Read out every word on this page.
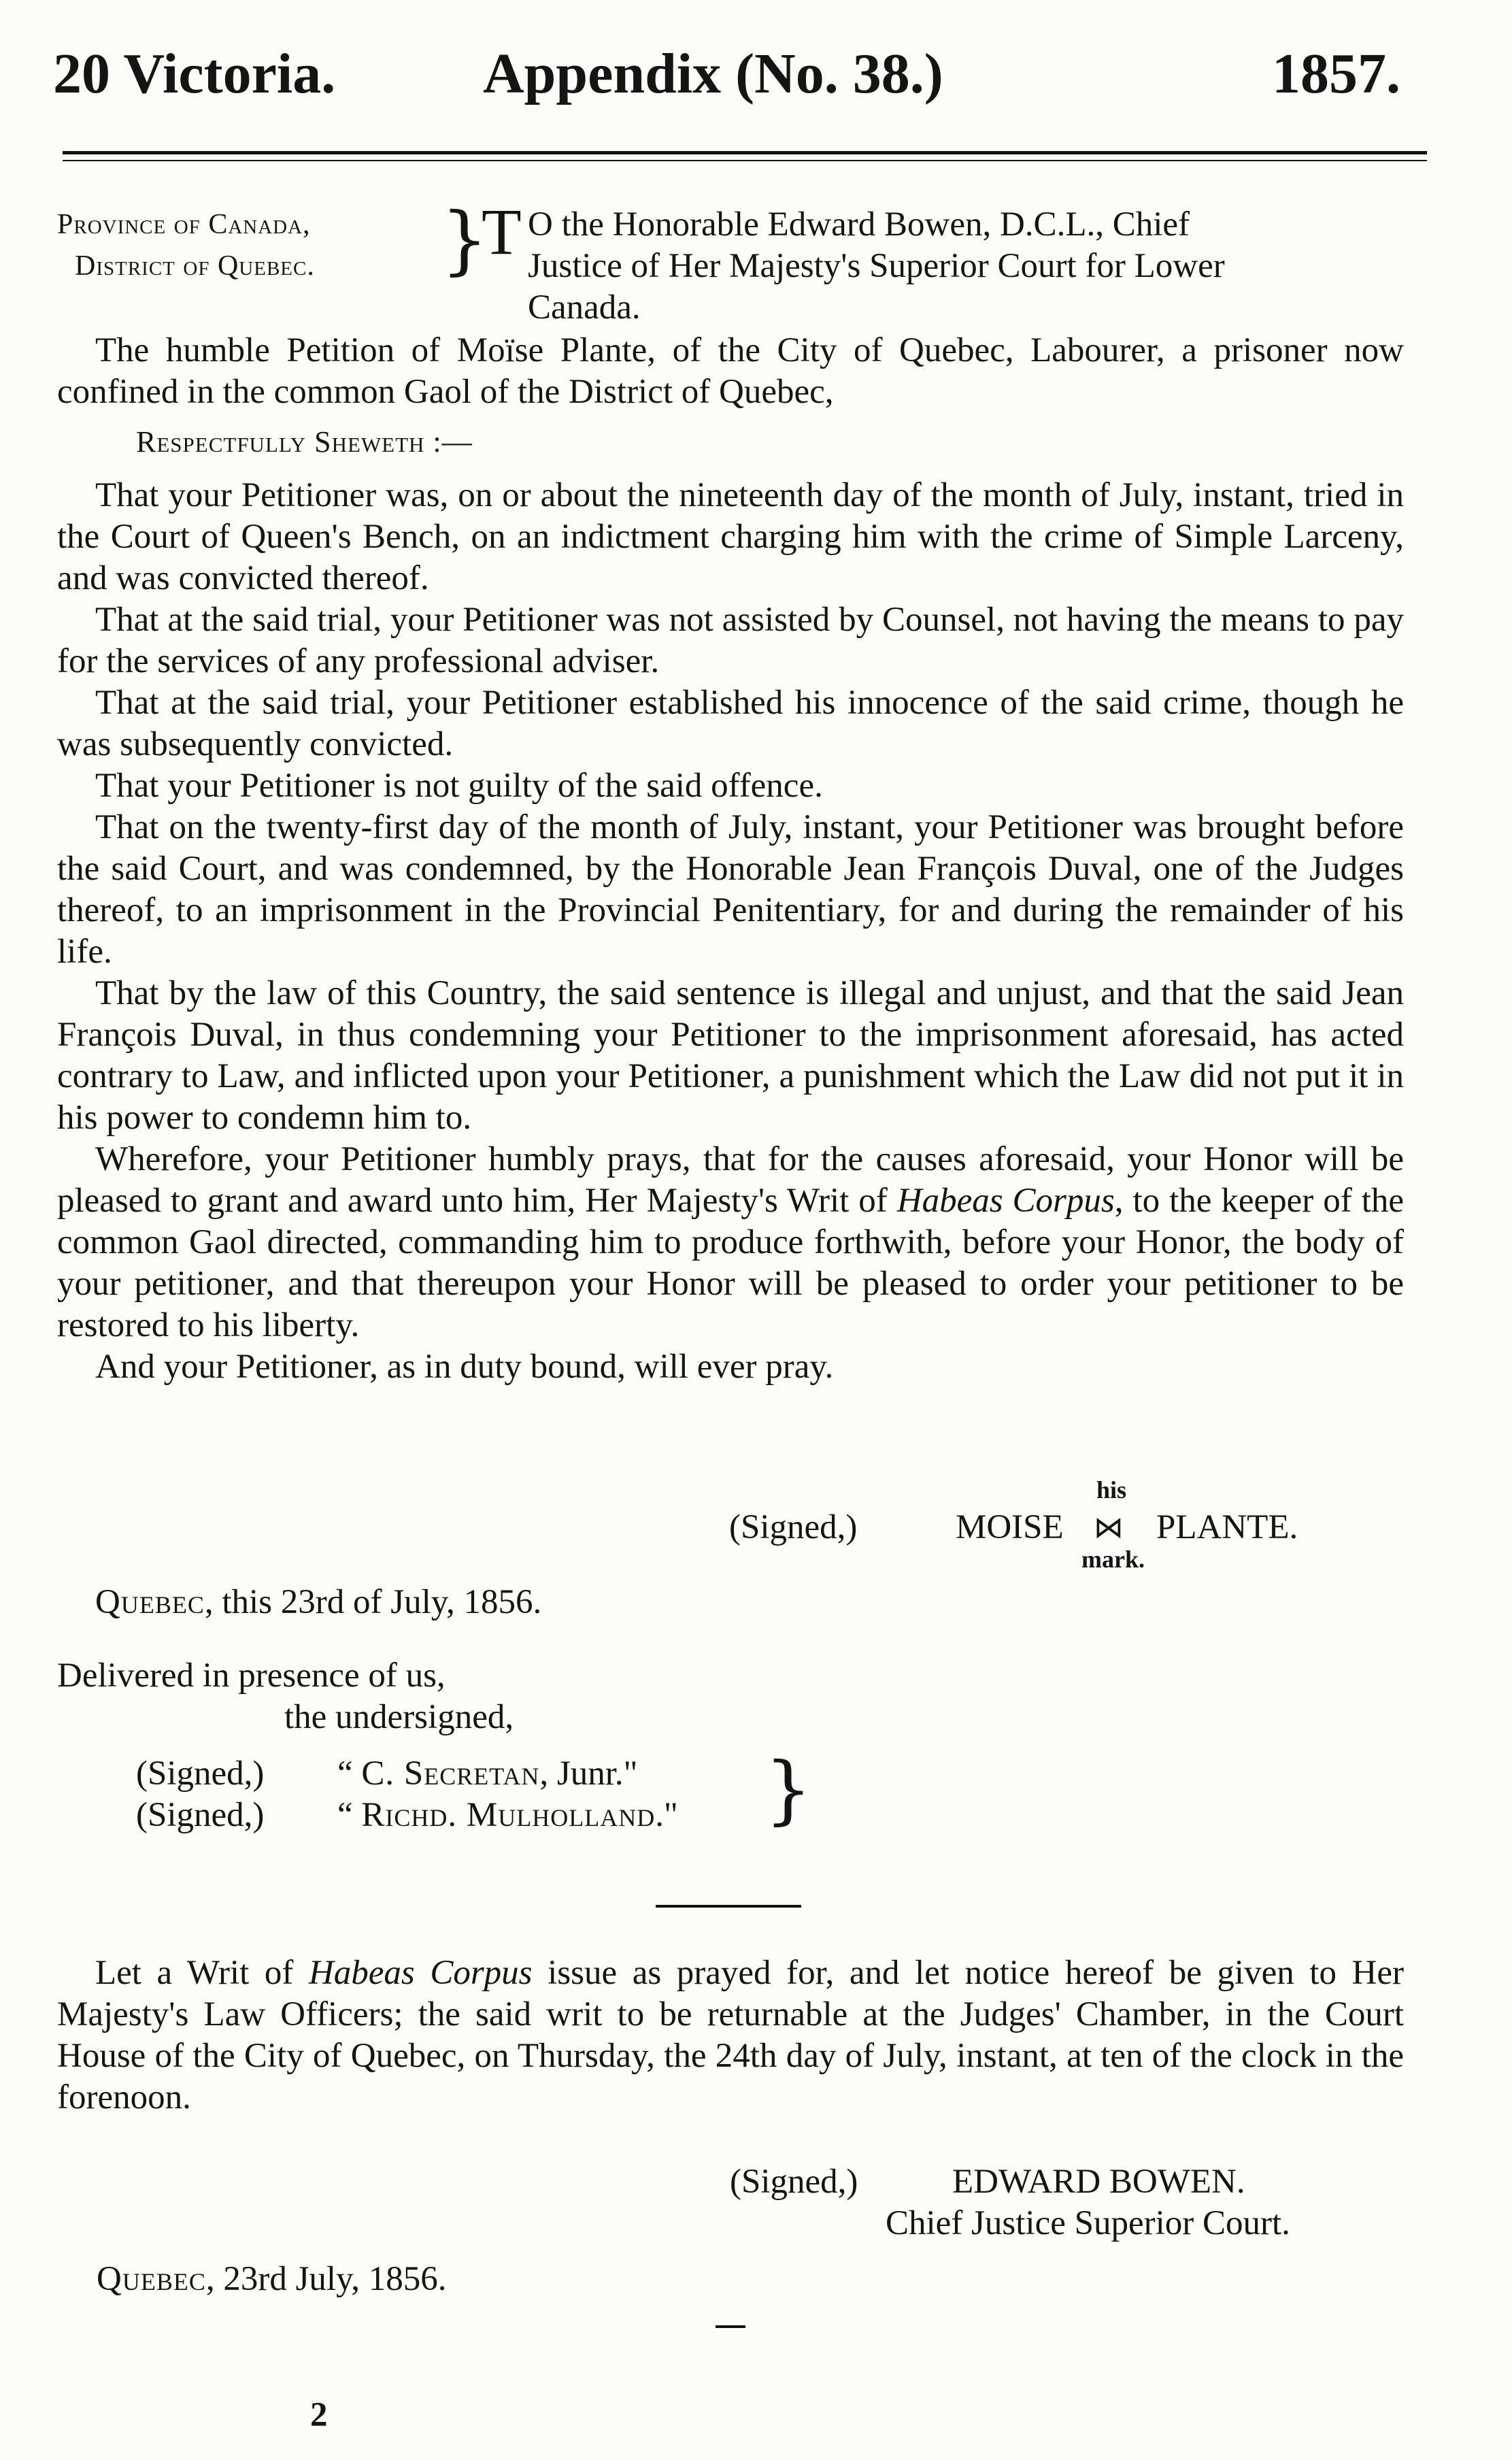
20 Victoria.	Appendix (No. 38.)	1857.
Province of Canada,
District of Quebec. }
T O the Honorable Edward Bowen, D.C.L., Chief
Justice of Her Majesty's Superior Court for Lower
Canada.

The humble Petition of Moïse Plante, of the City of Quebec, Labourer, a prisoner now confined in the common Gaol of the District of Quebec,

Respectfully Sheweth :—

That your Petitioner was, on or about the nineteenth day of the month of July, instant, tried in the Court of Queen's Bench, on an indictment charging him with the crime of Simple Larceny, and was convicted thereof.

That at the said trial, your Petitioner was not assisted by Counsel, not having the means to pay for the services of any professional adviser.

That at the said trial, your Petitioner established his innocence of the said crime, though he was subsequently convicted.

That your Petitioner is not guilty of the said offence.

That on the twenty-first day of the month of July, instant, your Petitioner was brought before the said Court, and was condemned, by the Honorable Jean François Duval, one of the Judges thereof, to an imprisonment in the Provincial Penitentiary, for and during the remainder of his life.

That by the law of this Country, the said sentence is illegal and unjust, and that the said Jean François Duval, in thus condemning your Petitioner to the imprisonment aforesaid, has acted contrary to Law, and inflicted upon your Petitioner, a punishment which the Law did not put it in his power to condemn him to.

Wherefore, your Petitioner humbly prays, that for the causes aforesaid, your Honor will be pleased to grant and award unto him, Her Majesty's Writ of Habeas Corpus, to the keeper of the common Gaol directed, commanding him to produce forthwith, before your Honor, the body of your petitioner, and that thereupon your Honor will be pleased to order your petitioner to be restored to his liberty.

And your Petitioner, as in duty bound, will ever pray.

his
(Signed,)	MOISE ⋈ PLANTE.
mark.
Quebec, this 23rd of July, 1856.
Delivered in presence of us,
the undersigned,
(Signed,) “ C. Secretan, Junr."
(Signed,) “ Richd. Mulholland." }

Let a Writ of Habeas Corpus issue as prayed for, and let notice hereof be given to Her Majesty's Law Officers; the said writ to be returnable at the Judges' Chamber, in the Court House of the City of Quebec, on Thursday, the 24th day of July, instant, at ten of the clock in the forenoon.

(Signed,)	EDWARD BOWEN.
Chief Justice Superior Court.
Quebec, 23rd July, 1856.
2
